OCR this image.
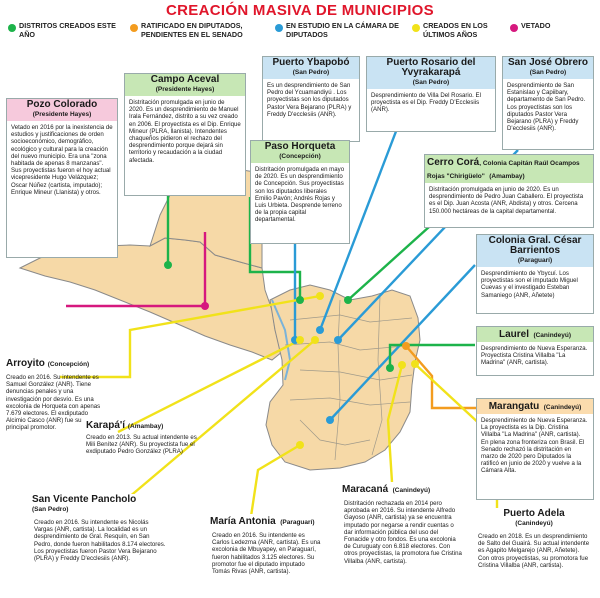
CREACIÓN MASIVA DE MUNICIPIOS
DISTRITOS CREADOS ESTE AÑO
RATIFICADO EN DIPUTADOS, PENDIENTES EN EL SENADO
EN ESTUDIO EN LA CÁMARA DE DIPUTADOS
CREADOS EN LOS ÚLTIMOS AÑOS
VETADO
Pozo Colorado
(Presidente Hayes)
Vetado en 2016 por la inexistencia de estudios y justificaciones de orden socioeconómico, demográfico, ecológico y cultural para la creación del nuevo municipio. Era una "zona habitada de apenas 8 manzanas". Sus proyectistas fueron el hoy actual vicepresidente Hugo Velázquez; Oscar Núñez (cartista, imputado); Enrique Mineur (Llanista) y otros.
Campo Aceval
(Presidente Hayes)
Distritación promulgada en junio de 2020. Es un desprendimiento de Manuel Irala Fernández, distrito a su vez creado en 2006. El proyectista es el Dip. Enrique Mineur (PLRA, llanista). Intendentes chaqueños pidieron el rechazo del desprendimiento porque dejará sin territorio y recaudación a la ciudad afectada.
Puerto Ybapobó
(San Pedro)
Es un desprendimiento de San Pedro del Ycuamandiyú . Los proyectistas son los diputados Pastor Vera Bejarano (PLRA) y Freddy D'ecclesiis (ANR).
Puerto Rosario del Yvyrakarapá
(San Pedro)
Desprendimiento de Villa Del Rosario. El proyectista es el Dip. Freddy D'Ecclesiis (ANR).
San José Obrero
(San Pedro)
Desprendimiento de San Estanislao y Capiibary, departamento de San Pedro. Los proyectistas son los diputados Pastor Vera Bejarano (PLRA) y Freddy D'ecclesiis (ANR).
Paso Horqueta
(Concepción)
Distritación promulgada en mayo de 2020. Es un desprendimiento de Concepción. Sus proyectistas son los diputados liberales Emilio Pavón; Andrés Rojas y Luis Urbieta. Desprende terreno de la propia capital departamental.
Cerro Corá, Colonia Capitán Raúl Ocampos Rojas "Chirigüelo" (Amambay)
Distritación promulgada en junio de 2020. Es un desprendimiento de Pedro Juan Caballero. El proyectista es el Dip. Juan Acosta (ANR, Abdista) y otros. Cercena 150.000 hectáreas de la capital departamental.
Colonia Gral. César Barrientos
(Paraguarí)
Desprendimiento de Ybycuí. Los proyectistas son el imputado Miguel Cuevas y el investigado Esteban Samaniego (ANR, Añetete)
Laurel (Canindeyú)
Desprendimiento de Nueva Esperanza. Proyectista Cristina Villalba "La Madrina" (ANR, cartista).
Arroyito (Concepción)
Creado en 2016. Su intendente es Samuel González (ANR). Tiene denuncias penales y una investigación por desvío. Es una excolonia de Horqueta con apenas 7.679 electores. El exdiputado Alcimio Casco (ANR) fue su principal promotor.
Marangatu (Canindeyú)
Desprendimiento de Nueva Esperanza. La proyectista es la Dip. Cristina Villalba "La Madrina" (ANR, cartista). En plena zona fronteriza con Brasil. El Senado rechazó la distritación en marzo de 2020 pero Diputados la ratificó en junio de 2020 y vuelve a la Cámara Alta.
Karapá'í (Amambay)
Creado en 2013. Su actual intendente es Mili Benítez (ANR). Su proyectista fue el exdiputado Pedro González (PLRA)
San Vicente Pancholo
(San Pedro)
Creado en 2016. Su intendente es Nicolás Vargas (ANR, cartista). La localidad es un desprendimiento de Gral. Resquín, en San Pedro, donde fueron habilitados 8.174 electores. Los proyectistas fueron Pastor Vera Bejarano (PLRA) y Freddy D'ecclesiis (ANR).
María Antonia (Paraguarí)
Creado en 2016. Su intendente es Carlos Ledezma (ANR, cartista). Es una excolonia de Mbuyapey, en Paraguarí, fueron habilitados 3.125 electores. Su promotor fue el diputado imputado Tomás Rivas (ANR, cartista).
Maracaná (Canindeyú)
Distritación rechazada en 2014 pero aprobada en 2016. Su intendente Alfredo Gayoso (ANR, cartista) ya se encuentra imputado por negarse a rendir cuentas o dar información pública del uso del Fonacide y otro fondos. Es una excolonia de Curuguaty con 6.818 electores. Con otros proyectistas, la promotora fue Cristina Villalba (ANR, cartista).
Puerto Adela
(Canindeyú)
Creado en 2018. Es un desprendimiento de Salto del Guairá. Su actual intendente es Agapito Melgarejo (ANR, Añetete). Con otros proyectistas, su promotora fue Cristina Villalba (ANR, cartista).
